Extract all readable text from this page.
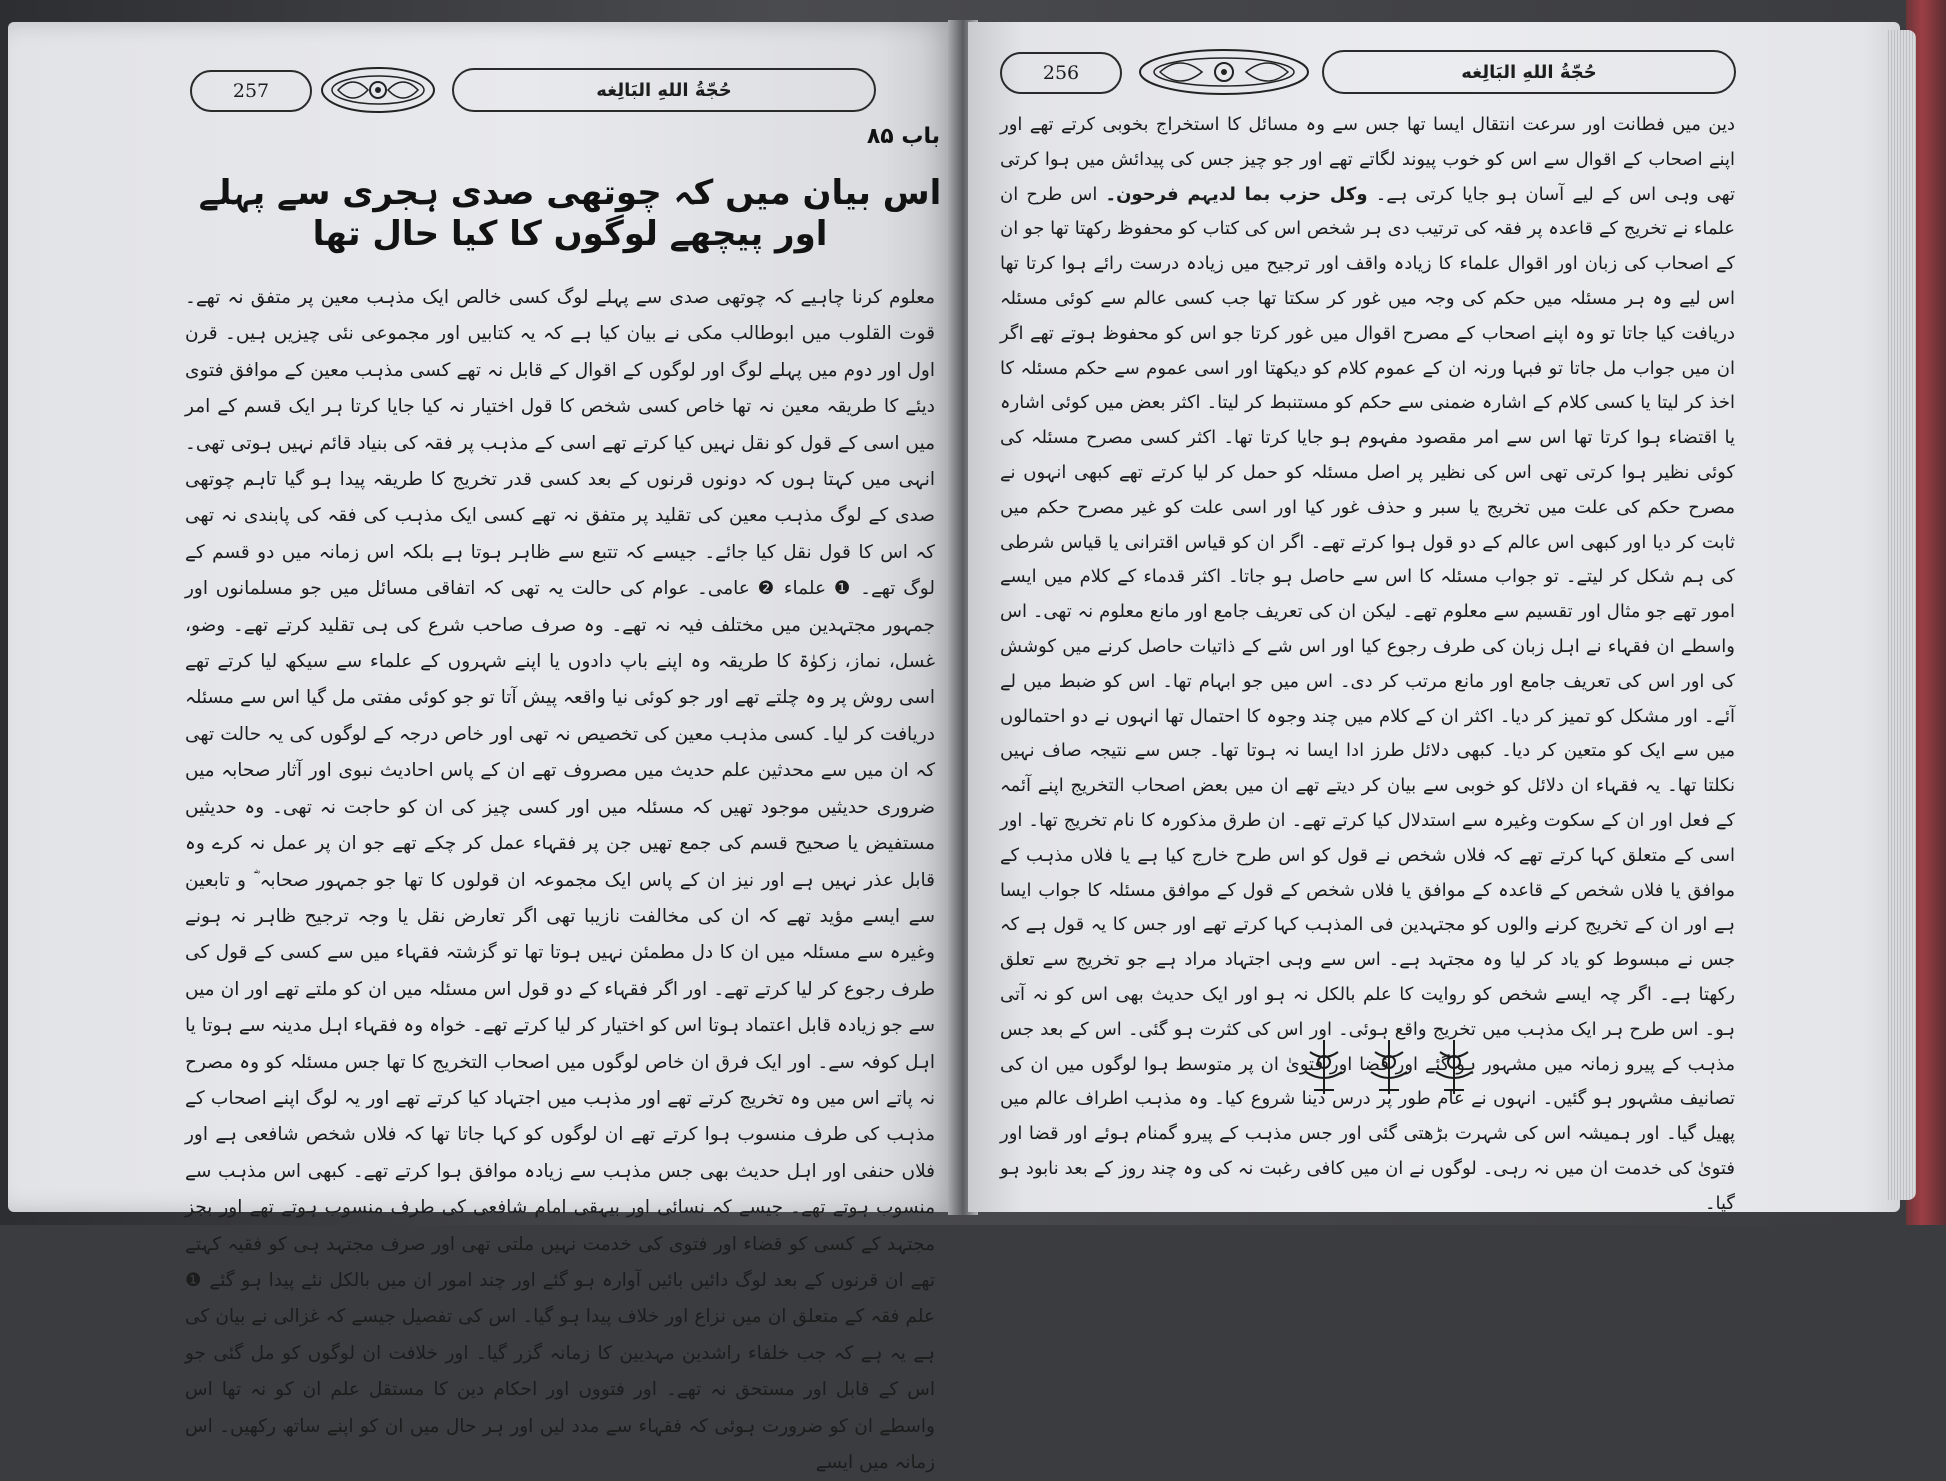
257	حُجّةُ اللهِ البَالِغه
باب ۸۵
اس بیان میں کہ چوتھی صدی ہجری سے پہلے اور پیچھے لوگوں کا کیا حال تھا

معلوم کرنا چاہیے کہ چوتھی صدی سے پہلے لوگ کسی خالص ایک مذہب معین پر متفق نہ تھے۔ قوت القلوب میں ابوطالب مکی نے بیان کیا ہے کہ یہ کتابیں اور مجموعی نئی چیزیں ہیں۔ قرن اول اور دوم میں پہلے لوگ اور لوگوں کے اقوال کے قابل نہ تھے کسی مذہب معین کے موافق فتوی دیئے کا طریقہ معین نہ تھا خاص کسی شخص کا قول اختیار نہ کیا جایا کرتا ہر ایک قسم کے امر میں اسی کے قول کو نقل نہیں کیا کرتے تھے اسی کے مذہب پر فقہ کی بنیاد قائم نہیں ہوتی تھی۔ انہی میں کہتا ہوں کہ دونوں قرنوں کے بعد کسی قدر تخریج کا طریقہ پیدا ہو گیا تاہم چوتھی صدی کے لوگ مذہب معین کی تقلید پر متفق نہ تھے کسی ایک مذہب کی فقہ کی پابندی نہ تھی کہ اس کا قول نقل کیا جائے۔ جیسے کہ تتبع سے ظاہر ہوتا ہے بلکہ اس زمانہ میں دو قسم کے لوگ تھے۔ ❶ علماء ❷ عامی۔ عوام کی حالت یہ تھی کہ اتفاقی مسائل میں جو مسلمانوں اور جمہور مجتہدین میں مختلف فیہ نہ تھے۔ وہ صرف صاحب شرع کی ہی تقلید کرتے تھے۔ وضو، غسل، نماز، زکوٰۃ کا طریقہ وہ اپنے باپ دادوں یا اپنے شہروں کے علماء سے سیکھ لیا کرتے تھے اسی روش پر وہ چلتے تھے اور جو کوئی نیا واقعہ پیش آتا تو جو کوئی مفتی مل گیا اس سے مسئلہ دریافت کر لیا۔ کسی مذہب معین کی تخصیص نہ تھی اور خاص درجہ کے لوگوں کی یہ حالت تھی کہ ان میں سے محدثین علم حدیث میں مصروف تھے ان کے پاس احادیث نبوی اور آثار صحابہ میں ضروری حدیثیں موجود تھیں کہ مسئلہ میں اور کسی چیز کی ان کو حاجت نہ تھی۔ وہ حدیثیں مستفیض یا صحیح قسم کی جمع تھیں جن پر فقہاء عمل کر چکے تھے جو ان پر عمل نہ کرے وہ قابل عذر نہیں ہے اور نیز ان کے پاس ایک مجموعہ ان قولوں کا تھا جو جمہور صحابہ ؓ و تابعین سے ایسے مؤید تھے کہ ان کی مخالفت نازیبا تھی اگر تعارض نقل یا وجہ ترجیح ظاہر نہ ہونے وغیرہ سے مسئلہ میں ان کا دل مطمئن نہیں ہوتا تھا تو گزشتہ فقہاء میں سے کسی کے قول کی طرف رجوع کر لیا کرتے تھے۔ اور اگر فقہاء کے دو قول اس مسئلہ میں ان کو ملتے تھے اور ان میں سے جو زیادہ قابل اعتماد ہوتا اس کو اختیار کر لیا کرتے تھے۔ خواہ وہ فقہاء اہل مدینہ سے ہوتا یا اہل کوفہ سے۔ اور ایک فرق ان خاص لوگوں میں اصحاب التخریج کا تھا جس مسئلہ کو وہ مصرح نہ پاتے اس میں وہ تخریج کرتے تھے اور مذہب میں اجتہاد کیا کرتے تھے اور یہ لوگ اپنے اصحاب کے مذہب کی طرف منسوب ہوا کرتے تھے ان لوگوں کو کہا جاتا تھا کہ فلاں شخص شافعی ہے اور فلاں حنفی اور اہل حدیث بھی جس مذہب سے زیادہ موافق ہوا کرتے تھے۔ کبھی اس مذہب سے منسوب ہوتے تھے۔ جیسے کہ نسائی اور بیہقی امام شافعی کی طرف منسوب ہوتے تھے اور بجز مجتہد کے کسی کو قضاء اور فتوی کی خدمت نہیں ملتی تھی اور صرف مجتہد ہی کو فقیہ کہتے تھے ان قرنوں کے بعد لوگ دائیں بائیں آوارہ ہو گئے اور چند امور ان میں بالکل نئے پیدا ہو گئے ❶ علم فقہ کے متعلق ان میں نزاع اور خلاف پیدا ہو گیا۔ اس کی تفصیل جیسے کہ غزالی نے بیان کی ہے یہ ہے کہ جب خلفاء راشدین مہدیین کا زمانہ گزر گیا۔ اور خلافت ان لوگوں کو مل گئی جو اس کے قابل اور مستحق نہ تھے۔ اور فتووں اور احکام دین کا مستقل علم ان کو نہ تھا اس واسطے ان کو ضرورت ہوئی کہ فقہاء سے مدد لیں اور ہر حال میں ان کو اپنے ساتھ رکھیں۔ اس زمانہ میں ایسے

256	حُجّةُ اللهِ البَالِغه

دین میں فطانت اور سرعت انتقال ایسا تھا جس سے وہ مسائل کا استخراج بخوبی کرتے تھے اور اپنے اصحاب کے اقوال سے اس کو خوب پیوند لگاتے تھے اور جو چیز جس کی پیدائش میں ہوا کرتی تھی وہی اس کے لیے آسان ہو جایا کرتی ہے۔ وکل حزب بما لدیہم فرحون۔ اس طرح ان علماء نے تخریج کے قاعدہ پر فقہ کی ترتیب دی ہر شخص اس کی کتاب کو محفوظ رکھتا تھا جو ان کے اصحاب کی زبان اور اقوال علماء کا زیادہ واقف اور ترجیح میں زیادہ درست رائے ہوا کرتا تھا اس لیے وہ ہر مسئلہ میں حکم کی وجہ میں غور کر سکتا تھا جب کسی عالم سے کوئی مسئلہ دریافت کیا جاتا تو وہ اپنے اصحاب کے مصرح اقوال میں غور کرتا جو اس کو محفوظ ہوتے تھے اگر ان میں جواب مل جاتا تو فبہا ورنہ ان کے عموم کلام کو دیکھتا اور اسی عموم سے حکم مسئلہ کا اخذ کر لیتا یا کسی کلام کے اشارہ ضمنی سے حکم کو مستنبط کر لیتا۔ اکثر بعض میں کوئی اشارہ یا اقتضاء ہوا کرتا تھا اس سے امر مقصود مفہوم ہو جایا کرتا تھا۔ اکثر کسی مصرح مسئلہ کی کوئی نظیر ہوا کرتی تھی اس کی نظیر پر اصل مسئلہ کو حمل کر لیا کرتے تھے کبھی انہوں نے مصرح حکم کی علت میں تخریج یا سبر و حذف غور کیا اور اسی علت کو غیر مصرح حکم میں ثابت کر دیا اور کبھی اس عالم کے دو قول ہوا کرتے تھے۔ اگر ان کو قیاس اقترانی یا قیاس شرطی کی ہم شکل کر لیتے۔ تو جواب مسئلہ کا اس سے حاصل ہو جاتا۔ اکثر قدماء کے کلام میں ایسے امور تھے جو مثال اور تقسیم سے معلوم تھے۔ لیکن ان کی تعریف جامع اور مانع معلوم نہ تھی۔ اس واسطے ان فقہاء نے اہل زبان کی طرف رجوع کیا اور اس شے کے ذاتیات حاصل کرنے میں کوشش کی اور اس کی تعریف جامع اور مانع مرتب کر دی۔ اس میں جو ابہام تھا۔ اس کو ضبط میں لے آئے۔ اور مشکل کو تمیز کر دیا۔ اکثر ان کے کلام میں چند وجوہ کا احتمال تھا انہوں نے دو احتمالوں میں سے ایک کو متعین کر دیا۔ کبھی دلائل طرز ادا ایسا نہ ہوتا تھا۔ جس سے نتیجہ صاف نہیں نکلتا تھا۔ یہ فقہاء ان دلائل کو خوبی سے بیان کر دیتے تھے ان میں بعض اصحاب التخریج اپنے آئمہ کے فعل اور ان کے سکوت وغیرہ سے استدلال کیا کرتے تھے۔ ان طرق مذکورہ کا نام تخریج تھا۔ اور اسی کے متعلق کہا کرتے تھے کہ فلاں شخص نے قول کو اس طرح خارج کیا ہے یا فلاں مذہب کے موافق یا فلاں شخص کے قاعدہ کے موافق یا فلاں شخص کے قول کے موافق مسئلہ کا جواب ایسا ہے اور ان کے تخریج کرنے والوں کو مجتہدین فی المذہب کہا کرتے تھے اور جس کا یہ قول ہے کہ جس نے مبسوط کو یاد کر لیا وہ مجتہد ہے۔ اس سے وہی اجتہاد مراد ہے جو تخریج سے تعلق رکھتا ہے۔ اگر چہ ایسے شخص کو روایت کا علم بالکل نہ ہو اور ایک حدیث بھی اس کو نہ آتی ہو۔ اس طرح ہر ایک مذہب میں تخریج واقع ہوئی۔ اور اس کی کثرت ہو گئی۔ اس کے بعد جس مذہب کے پیرو زمانہ میں مشہور ہو گئے اور قضا اور فتویٰ ان پر متوسط ہوا لوگوں میں ان کی تصانیف مشہور ہو گئیں۔ انہوں نے عام طور پر درس دینا شروع کیا۔ وہ مذہب اطراف عالم میں پھیل گیا۔ اور ہمیشہ اس کی شہرت بڑھتی گئی اور جس مذہب کے پیرو گمنام ہوئے اور قضا اور فتویٰ کی خدمت ان میں نہ رہی۔ لوگوں نے ان میں کافی رغبت نہ کی وہ چند روز کے بعد نابود ہو گیا۔
